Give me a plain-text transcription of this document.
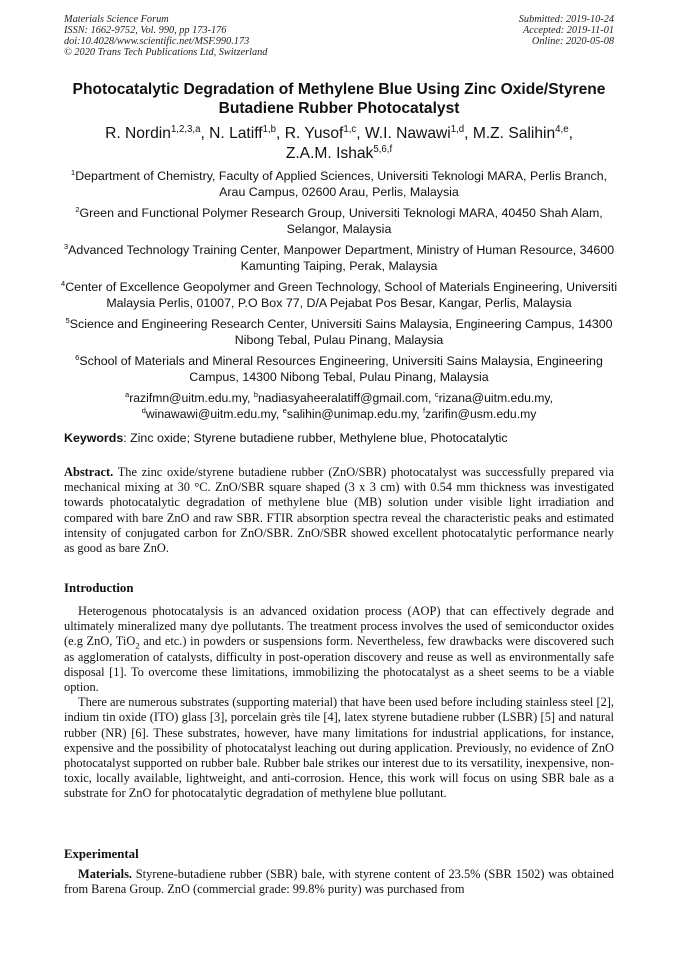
Materials Science Forum
ISSN: 1662-9752, Vol. 990, pp 173-176
doi:10.4028/www.scientific.net/MSF.990.173
© 2020 Trans Tech Publications Ltd, Switzerland
Submitted: 2019-10-24
Accepted: 2019-11-01
Online: 2020-05-08
Photocatalytic Degradation of Methylene Blue Using Zinc Oxide/Styrene
Butadiene Rubber Photocatalyst
R. Nordin$^{1,2,3,a}$, N. Latiff$^{1,b}$, R. Yusof$^{1,c}$, W.I. Nawawi$^{1,d}$, M.Z. Salihin$^{4,e}$,
Z.A.M. Ishak$^{5,6,f}$
$^1$Department of Chemistry, Faculty of Applied Sciences, Universiti Teknologi MARA, Perlis Branch, Arau Campus, 02600 Arau, Perlis, Malaysia
$^2$Green and Functional Polymer Research Group, Universiti Teknologi MARA, 40450 Shah Alam, Selangor, Malaysia
$^3$Advanced Technology Training Center, Manpower Department, Ministry of Human Resource, 34600 Kamunting Taiping, Perak, Malaysia
$^4$Center of Excellence Geopolymer and Green Technology, School of Materials Engineering, Universiti Malaysia Perlis, 01007, P.O Box 77, D/A Pejabat Pos Besar, Kangar, Perlis, Malaysia
$^5$Science and Engineering Research Center, Universiti Sains Malaysia, Engineering Campus, 14300 Nibong Tebal, Pulau Pinang, Malaysia
$^6$School of Materials and Mineral Resources Engineering, Universiti Sains Malaysia, Engineering Campus, 14300 Nibong Tebal, Pulau Pinang, Malaysia
$^a$razifmn@uitm.edu.my, $^b$nadiasyaheeralatiff@gmail.com, $^c$rizana@uitm.edu.my,
$^d$winawawi@uitm.edu.my, $^e$salihin@unimap.edu.my, $^f$zarifin@usm.edu.my
Keywords: Zinc oxide; Styrene butadiene rubber, Methylene blue, Photocatalytic
Abstract. The zinc oxide/styrene butadiene rubber (ZnO/SBR) photocatalyst was successfully prepared via mechanical mixing at 30 °C. ZnO/SBR square shaped (3 x 3 cm) with 0.54 mm thickness was investigated towards photocatalytic degradation of methylene blue (MB) solution under visible light irradiation and compared with bare ZnO and raw SBR. FTIR absorption spectra reveal the characteristic peaks and estimated intensity of conjugated carbon for ZnO/SBR. ZnO/SBR showed excellent photocatalytic performance nearly as good as bare ZnO.
Introduction

Heterogenous photocatalysis is an advanced oxidation process (AOP) that can effectively degrade and ultimately mineralized many dye pollutants. The treatment process involves the used of semiconductor oxides (e.g ZnO, TiO$_2$ and etc.) in powders or suspensions form. Nevertheless, few drawbacks were discovered such as agglomeration of catalysts, difficulty in post-operation discovery and reuse as well as environmentally safe disposal [1]. To overcome these limitations, immobilizing the photocatalyst as a sheet seems to be a viable option.

There are numerous substrates (supporting material) that have been used before including stainless steel [2], indium tin oxide (ITO) glass [3], porcelain grès tile [4], latex styrene butadiene rubber (LSBR) [5] and natural rubber (NR) [6]. These substrates, however, have many limitations for industrial applications, for instance, expensive and the possibility of photocatalyst leaching out during application. Previously, no evidence of ZnO photocatalyst supported on rubber bale. Rubber bale strikes our interest due to its versatility, inexpensive, non-toxic, locally available, lightweight, and anti-corrosion. Hence, this work will focus on using SBR bale as a substrate for ZnO for photocatalytic degradation of methylene blue pollutant.

Experimental

Materials. Styrene-butadiene rubber (SBR) bale, with styrene content of 23.5% (SBR 1502) was obtained from Barena Group. ZnO (commercial grade: 99.8% purity) was purchased from
